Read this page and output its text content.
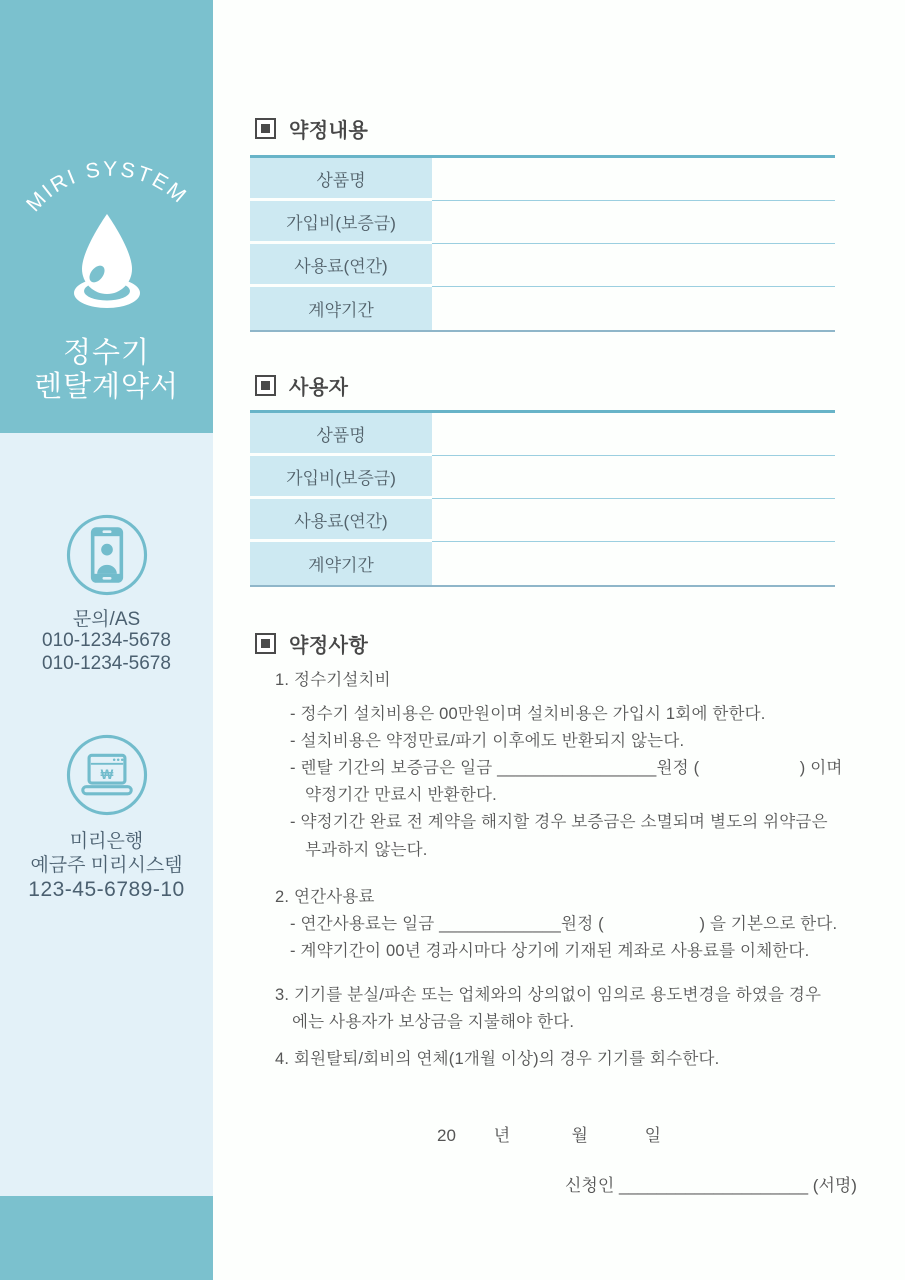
MIRI SYSTEM
정수기
렌탈계약서
문의/AS
010-1234-5678
010-1234-5678
₩
미리은행
예금주 미리시스템
123-45-6789-10
약정내용
상품명
가입비(보증금)
사용료(연간)
계약기간
사용자
상품명
가입비(보증금)
사용료(연간)
계약기간
약정사항
1. 정수기설치비
- 정수기 설치비용은 00만원이며 설치비용은 가입시 1회에 한한다.
- 설치비용은 약정만료/파기 이후에도 반환되지 않는다.
- 렌탈 기간의 보증금은 일금 _________________원정 (                     ) 이며
약정기간 만료시 반환한다.
- 약정기간 완료 전 계약을 해지할 경우 보증금은 소멸되며 별도의 위약금은
부과하지 않는다.
2. 연간사용료
- 연간사용료는 일금 _____________원정 (                    ) 을 기본으로 한다.
- 계약기간이 00년 경과시마다 상기에 기재된 계좌로 사용료를 이체한다.
3. 기기를 분실/파손 또는 업체와의 상의없이 임의로 용도변경을 하였을 경우
에는 사용자가 보상금을 지불해야 한다.
4. 회원탈퇴/회비의 연체(1개월 이상)의 경우 기기를 회수한다.
20        년             월            일
신청인 ____________________ (서명)
